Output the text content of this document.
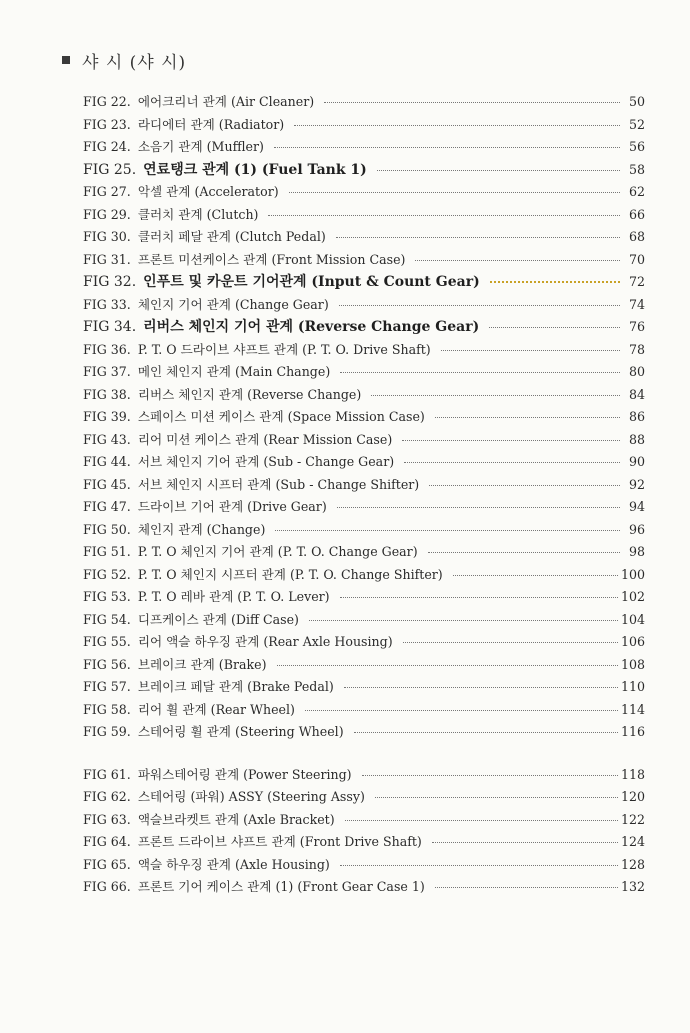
샤 시 (샤 시)
FIG 22. 에어크리너 관계 (Air Cleaner)	50
FIG 23. 라디에터 관계 (Radiator)	52
FIG 24. 소음기 관계 (Muffler)	56
FIG 25. 연료탱크 관계 (1) (Fuel Tank 1)	58
FIG 27. 악셀 관계 (Accelerator)	62
FIG 29. 클러치 관계 (Clutch)	66
FIG 30. 클러치 페달 관계 (Clutch Pedal)	68
FIG 31. 프론트 미션케이스 관계 (Front Mission Case)	70
FIG 32. 인푸트 및 카운트 기어관계 (Input & Count Gear)	72
FIG 33. 체인지 기어 관계 (Change Gear)	74
FIG 34. 리버스 체인지 기어 관계 (Reverse Change Gear)	76
FIG 36. P. T. O 드라이브 샤프트 관계 (P. T. O. Drive Shaft)	78
FIG 37. 메인 체인지 관계 (Main Change)	80
FIG 38. 리버스 체인지 관계 (Reverse Change)	84
FIG 39. 스페이스 미션 케이스 관계 (Space Mission Case)	86
FIG 43. 리어 미션 케이스 관계 (Rear Mission Case)	88
FIG 44. 서브 체인지 기어 관계 (Sub - Change Gear)	90
FIG 45. 서브 체인지 시프터 관계 (Sub - Change Shifter)	92
FIG 47. 드라이브 기어 관계 (Drive Gear)	94
FIG 50. 체인지 관계 (Change)	96
FIG 51. P. T. O 체인지 기어 관계 (P. T. O. Change Gear)	98
FIG 52. P. T. O 체인지 시프터 관계 (P. T. O. Change Shifter)	100
FIG 53. P. T. O 레바 관계 (P. T. O. Lever)	102
FIG 54. 디프케이스 관계 (Diff Case)	104
FIG 55. 리어 액슬 하우징 관계 (Rear Axle Housing)	106
FIG 56. 브레이크 관계 (Brake)	108
FIG 57. 브레이크 페달 관계 (Brake Pedal)	110
FIG 58. 리어 휠 관계 (Rear Wheel)	114
FIG 59. 스테어링 휠 관계 (Steering Wheel)	116
FIG 61. 파워스테어링 관계 (Power Steering)	118
FIG 62. 스테어링 (파워) ASSY (Steering Assy)	120
FIG 63. 액슬브라켓트 관계 (Axle Bracket)	122
FIG 64. 프론트 드라이브 샤프트 관계 (Front Drive Shaft)	124
FIG 65. 액슬 하우징 관계 (Axle Housing)	128
FIG 66. 프론트 기어 케이스 관계 (1) (Front Gear Case 1)	132
